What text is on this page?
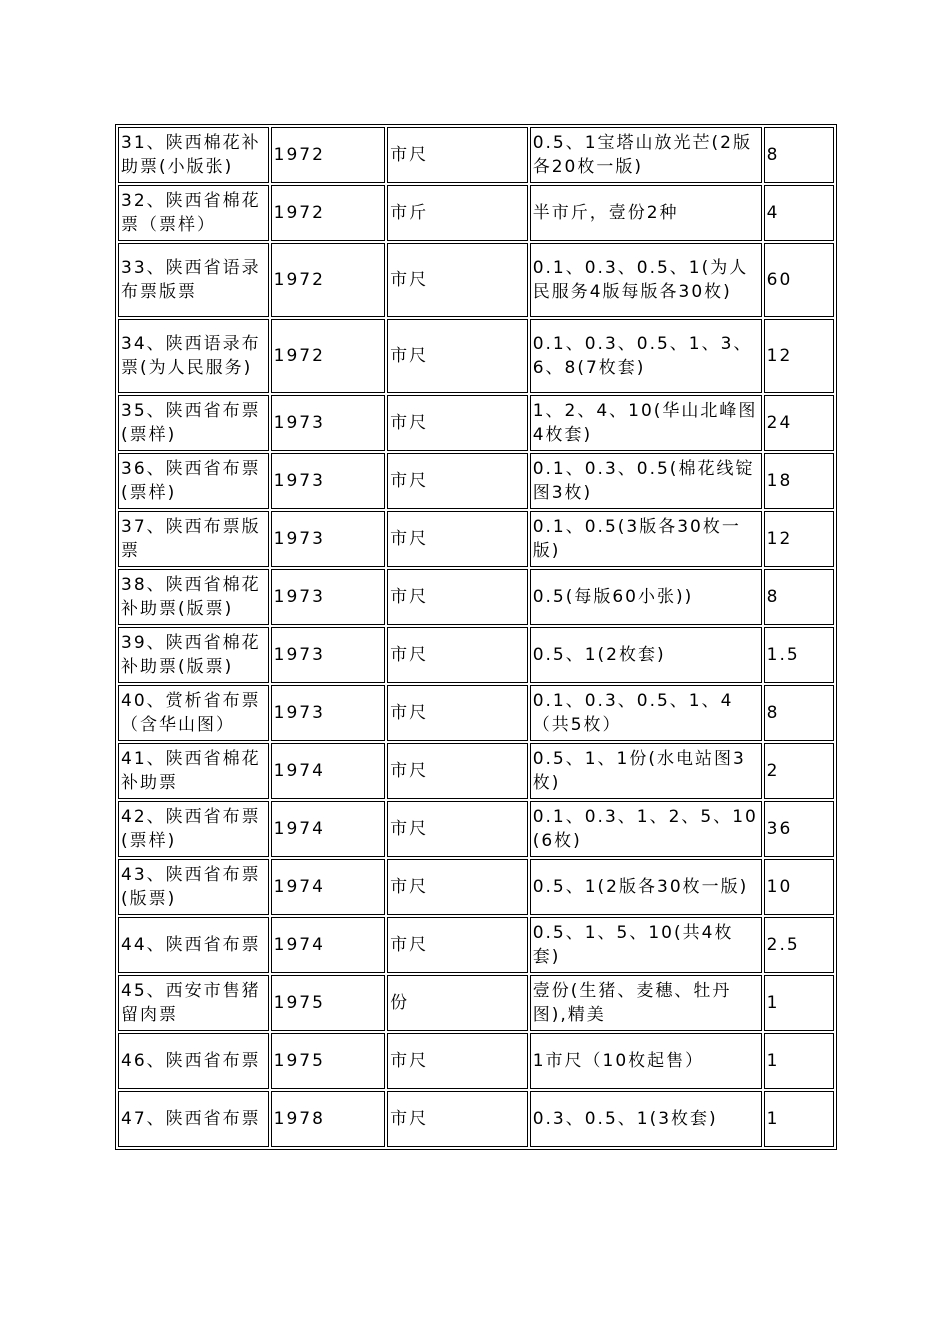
31、陕西棉花补助票(小版张)	1972	市尺	0.5、1宝塔山放光芒(2版各20枚一版)	8
32、陕西省棉花票（票样）	1972	市斤	半市斤，壹份2种	4
33、陕西省语录布票版票	1972	市尺	0.1、0.3、0.5、1(为人民服务4版每版各30枚)	60
34、陕西语录布票(为人民服务)	1972	市尺	0.1、0.3、0.5、1、3、6、8(7枚套)	12
35、陕西省布票(票样)	1973	市尺	1、2、4、10(华山北峰图4枚套)	24
36、陕西省布票(票样)	1973	市尺	0.1、0.3、0.5(棉花线锭图3枚)	18
37、陕西布票版票	1973	市尺	0.1、0.5(3版各30枚一版)	12
38、陕西省棉花补助票(版票)	1973	市尺	0.5(每版60小张))	8
39、陕西省棉花补助票(版票)	1973	市尺	0.5、1(2枚套)	1.5
40、赏析省布票（含华山图）	1973	市尺	0.1、0.3、0.5、1、4（共5枚）	8
41、陕西省棉花补助票	1974	市尺	0.5、1、1份(水电站图3枚)	2
42、陕西省布票(票样)	1974	市尺	0.1、0.3、1、2、5、10(6枚)	36
43、陕西省布票(版票)	1974	市尺	0.5、1(2版各30枚一版)	10
44、陕西省布票	1974	市尺	0.5、1、5、10(共4枚套)	2.5
45、西安市售猪留肉票	1975	份	壹份(生猪、麦穗、牡丹图),精美	1
46、陕西省布票	1975	市尺	1市尺（10枚起售）	1
47、陕西省布票	1978	市尺	0.3、0.5、1(3枚套)	1
